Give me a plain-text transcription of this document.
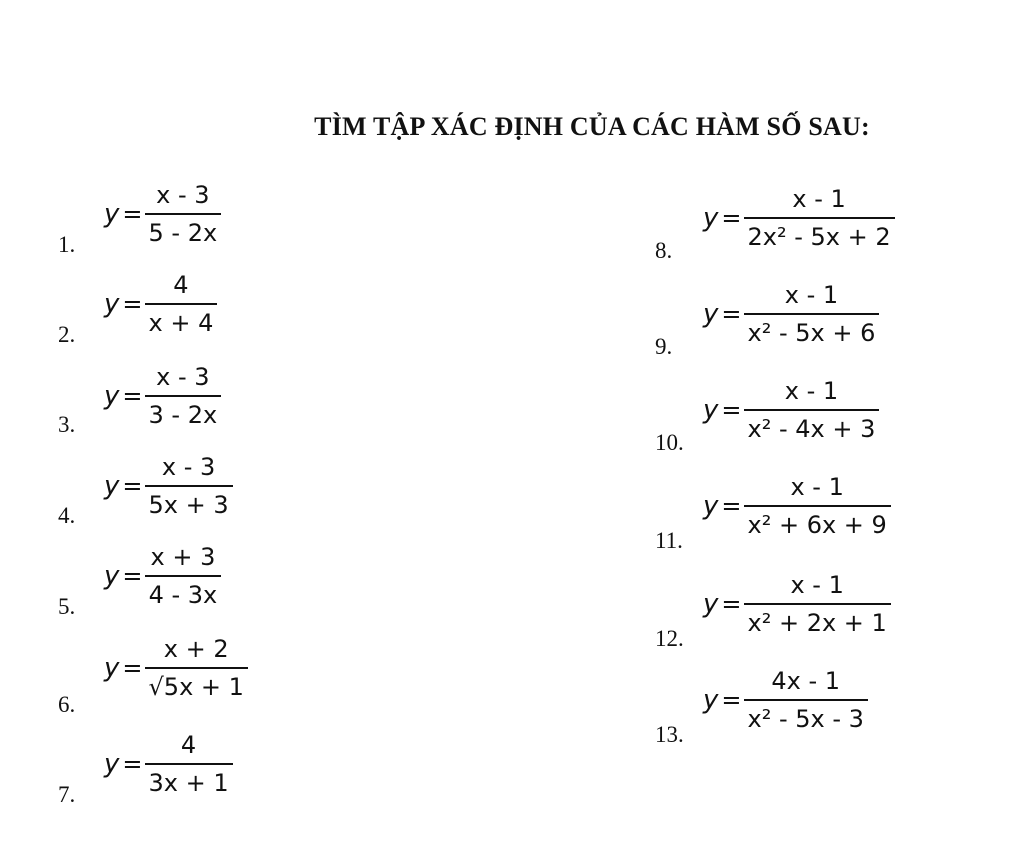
TÌM TẬP XÁC ĐỊNH CỦA CÁC HÀM SỐ SAU:
1.
$y = \frac{x - 3}{5 - 2x}$
2.
$y = \frac{4}{x + 4}$
3.
$y = \frac{x - 3}{3 - 2x}$
4.
$y = \frac{x - 3}{5x + 3}$
5.
$y = \frac{x + 3}{4 - 3x}$
6.
$y = \frac{x + 2}{√5x + 1}$
7.
$y = \frac{4}{3x + 1}$
8.
$y = \frac{x - 1}{\text{2x² - 5x + 2}}$
9.
$y = \frac{x - 1}{\text{x² - 5x + 6}}$
10.
$y = \frac{x - 1}{\text{x² - 4x + 3}}$
11.
$y = \frac{x - 1}{\text{x² + 6x + 9}}$
12.
$y = \frac{x - 1}{\text{x² + 2x + 1}}$
13.
$y = \frac{4x - 1}{\text{x² - 5x - 3}}$
